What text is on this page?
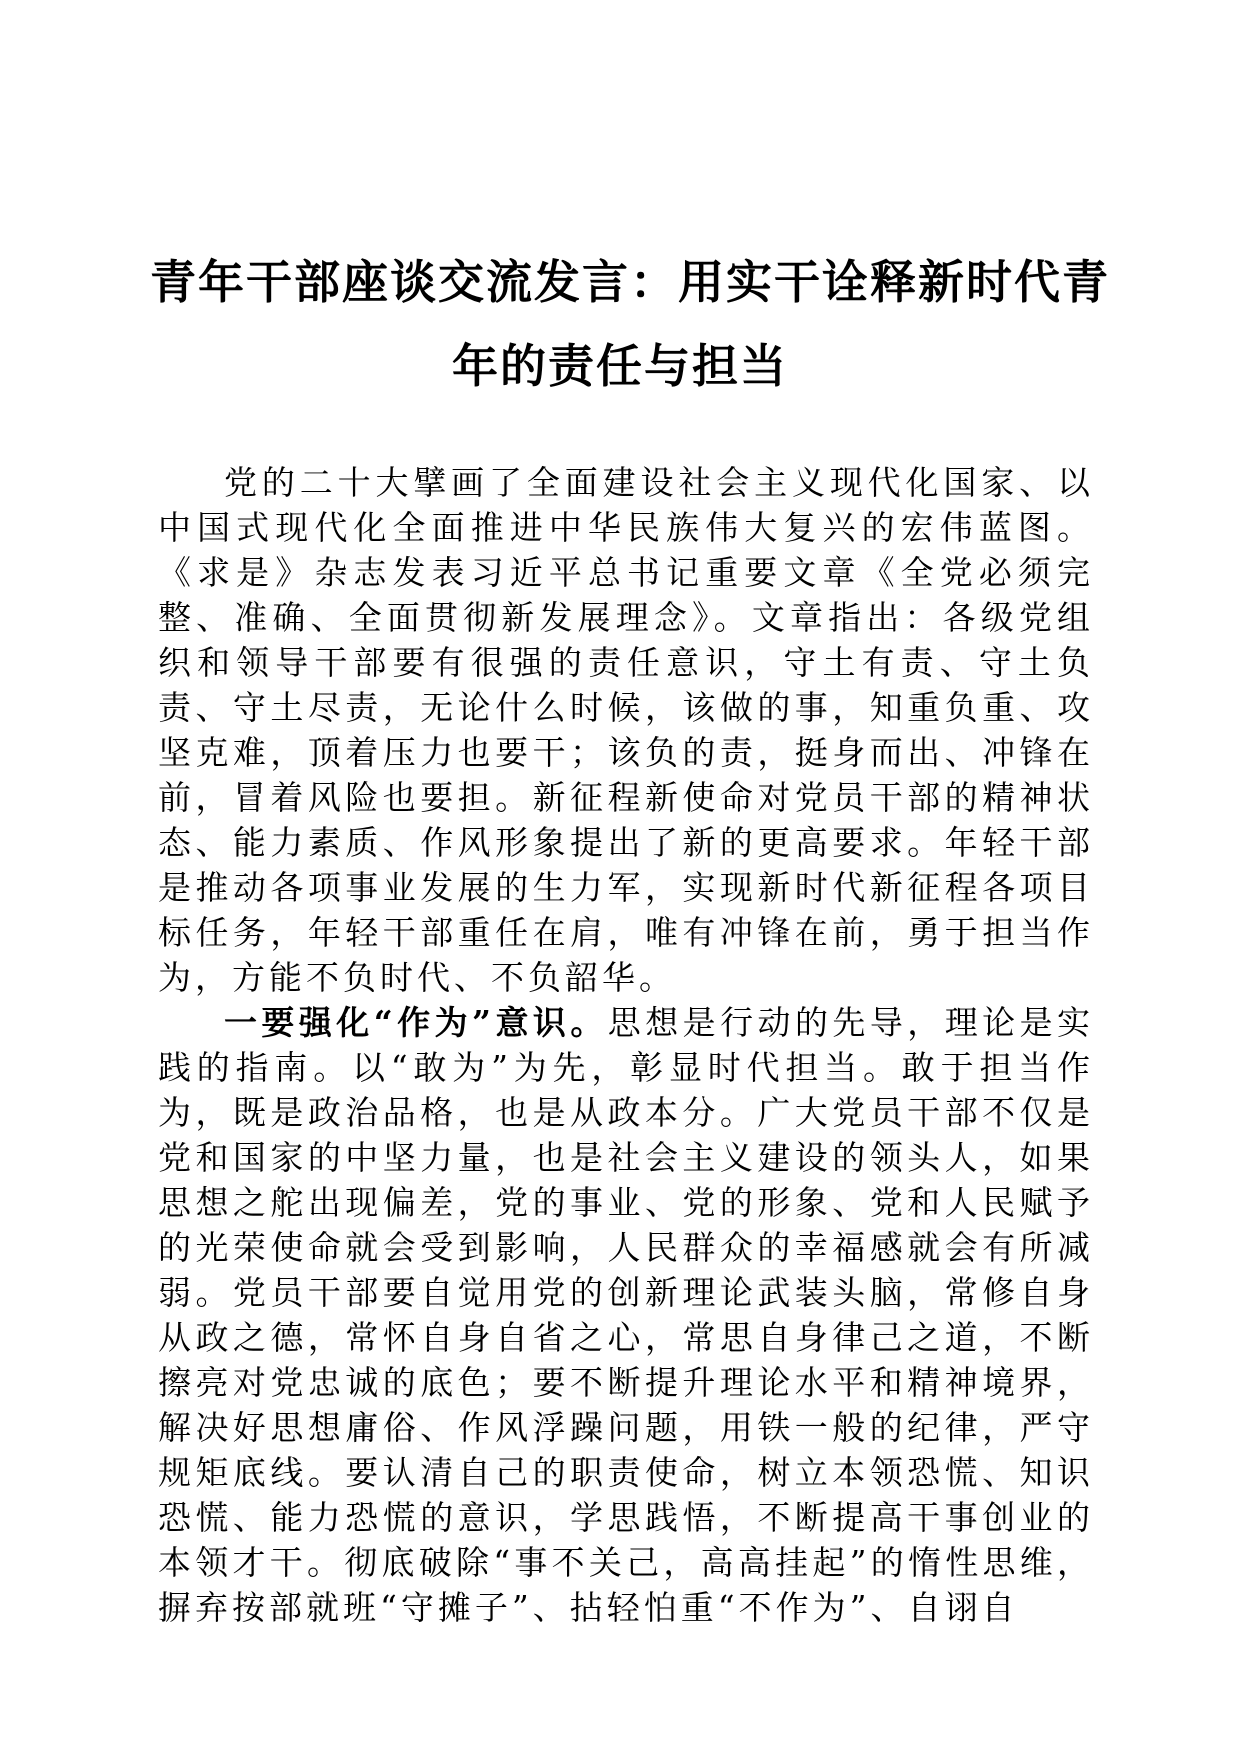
青年干部座谈交流发言：用实干诠释新时代青
年的责任与担当

党的二十大擘画了全面建设社会主义现代化国家、以中国式现代化全面推进中华民族伟大复兴的宏伟蓝图。《求是》杂志发表习近平总书记重要文章《全党必须完整、准确、全面贯彻新发展理念》。文章指出：各级党组织和领导干部要有很强的责任意识，守土有责、守土负责、守土尽责，无论什么时候，该做的事，知重负重、攻坚克难，顶着压力也要干；该负的责，挺身而出、冲锋在前，冒着风险也要担。新征程新使命对党员干部的精神状态、能力素质、作风形象提出了新的更高要求。年轻干部是推动各项事业发展的生力军，实现新时代新征程各项目标任务，年轻干部重任在肩，唯有冲锋在前，勇于担当作为，方能不负时代、不负韶华。

一要强化“作为”意识。思想是行动的先导，理论是实践的指南。以“敢为”为先，彰显时代担当。敢于担当作为，既是政治品格，也是从政本分。广大党员干部不仅是党和国家的中坚力量，也是社会主义建设的领头人，如果思想之舵出现偏差，党的事业、党的形象、党和人民赋予的光荣使命就会受到影响，人民群众的幸福感就会有所减弱。党员干部要自觉用党的创新理论武装头脑，常修自身从政之德，常怀自身自省之心，常思自身律己之道，不断擦亮对党忠诚的底色；要不断提升理论水平和精神境界，解决好思想庸俗、作风浮躁问题，用铁一般的纪律，严守规矩底线。要认清自己的职责使命，树立本领恐慌、知识恐慌、能力恐慌的意识，学思践悟，不断提高干事创业的本领才干。彻底破除“事不关己，高高挂起”的惰性思维，摒弃按部就班“守摊子”、拈轻怕重“不作为”、自诩自
